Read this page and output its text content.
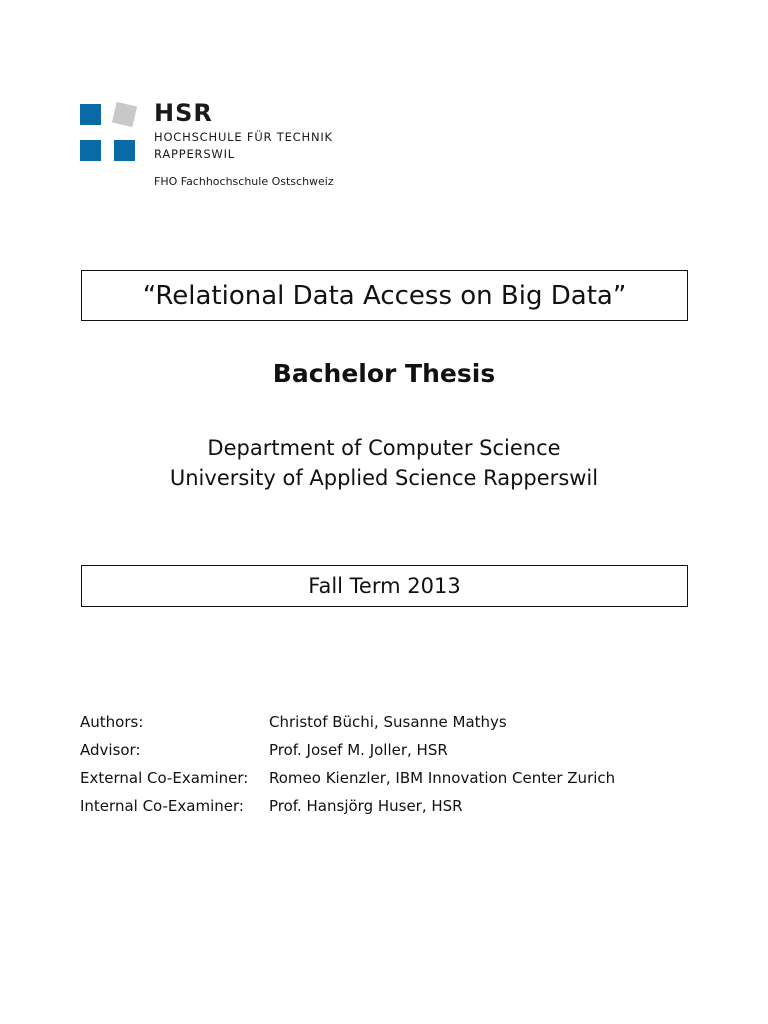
HSR
HOCHSCHULE FÜR TECHNIK
RAPPERSWIL
FHO Fachhochschule Ostschweiz
“Relational Data Access on Big Data”
Bachelor Thesis
Department of Computer Science
University of Applied Science Rapperswil
Fall Term 2013
Authors:	Christof Büchi, Susanne Mathys
Advisor:	Prof. Josef M. Joller, HSR
External Co-Examiner: Romeo Kienzler, IBM Innovation Center Zurich
Internal Co-Examiner: Prof. Hansjörg Huser, HSR
